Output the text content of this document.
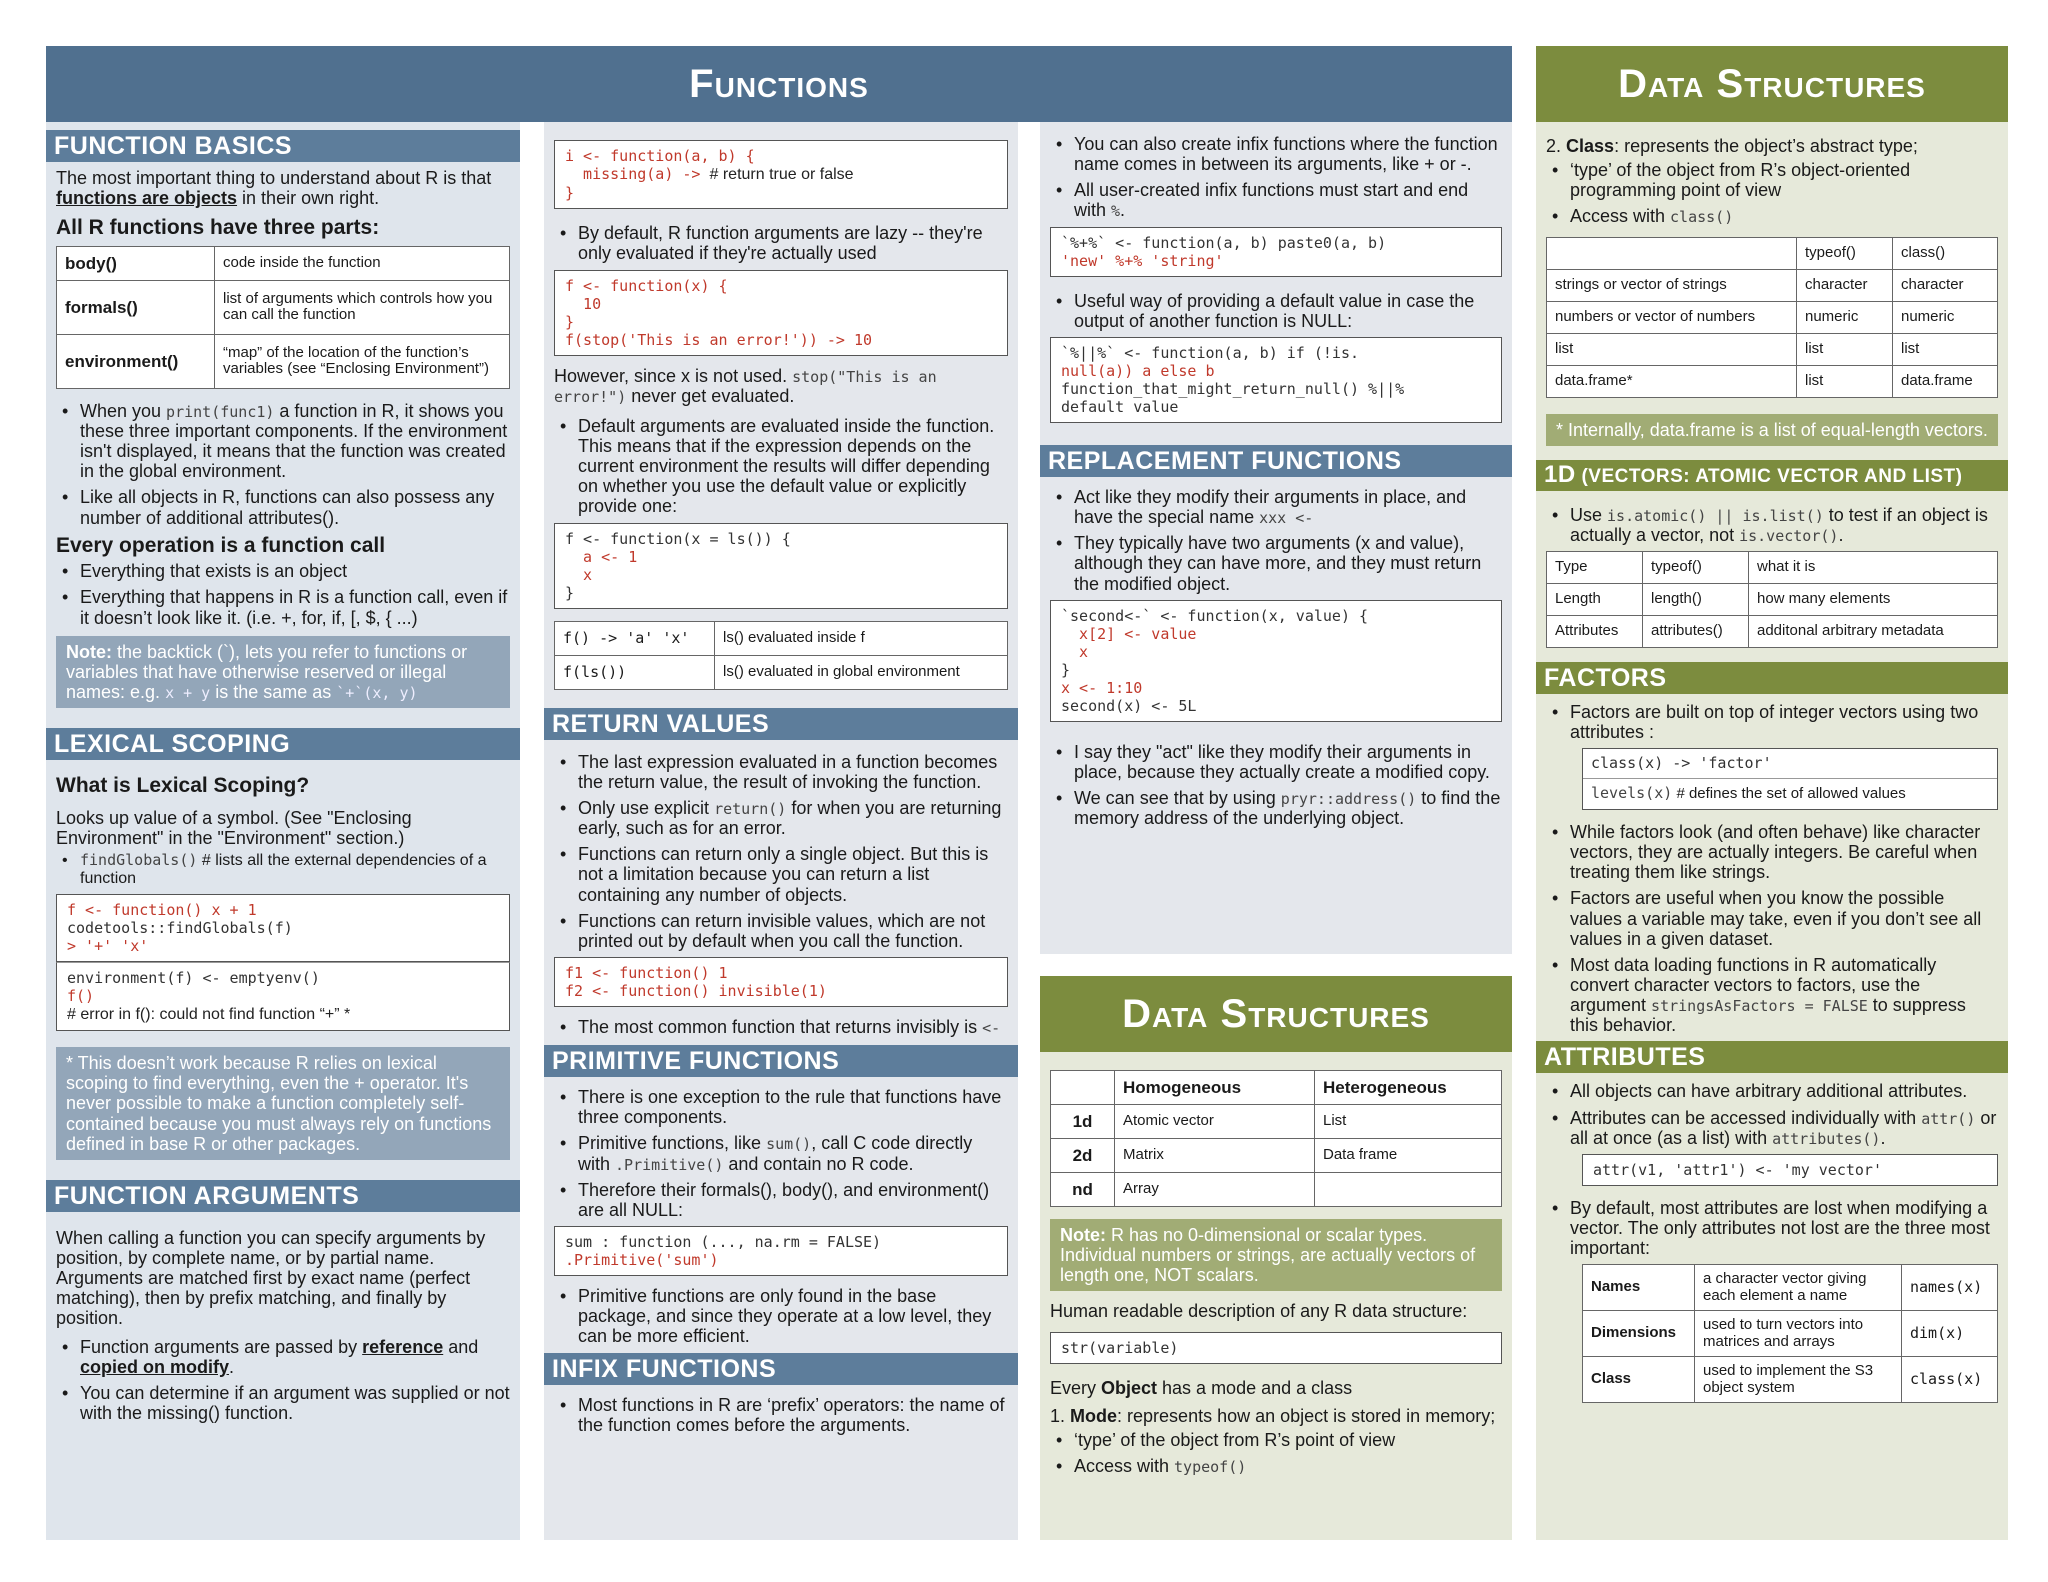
Functions	Data Structures
FUNCTION BASICS
The most important thing to understand about R is that functions are objects in their own right.
All R functions have three parts:
body()	code inside the function
formals()	list of arguments which controls how you can call the function
environment()	“map” of the location of the function’s variables (see “Enclosing Environment”)
• When you print(func1) a function in R, it shows you these three important components. If the environment isn't displayed, it means that the function was created in the global environment.
• Like all objects in R, functions can also possess any number of additional attributes().
Every operation is a function call
• Everything that exists is an object
• Everything that happens in R is a function call, even if it doesn’t look like it. (i.e. +, for, if, [, $, { ...)
Note: the backtick (`), lets you refer to functions or variables that have otherwise reserved or illegal names: e.g. x + y is the same as `+`(x, y)
LEXICAL SCOPING
What is Lexical Scoping?
Looks up value of a symbol. (See "Enclosing Environment" in the "Environment" section.)
• findGlobals() # lists all the external dependencies of a function
f <- function() x + 1
codetools::findGlobals(f)
> '+' 'x'
environment(f) <- emptyenv()
f()
# error in f(): could not find function “+” *
* This doesn’t work because R relies on lexical scoping to find everything, even the + operator. It's never possible to make a function completely self-contained because you must always rely on functions defined in base R or other packages.
FUNCTION ARGUMENTS
When calling a function you can specify arguments by position, by complete name, or by partial name. Arguments are matched first by exact name (perfect matching), then by prefix matching, and finally by position.
• Function arguments are passed by reference and copied on modify.
• You can determine if an argument was supplied or not with the missing() function.
i <- function(a, b) {
missing(a) -> # return true or false
}
• By default, R function arguments are lazy -- they're only evaluated if they're actually used
f <- function(x) {
10
}
f(stop('This is an error!')) -> 10
However, since x is not used. stop("This is an error!") never get evaluated.
• Default arguments are evaluated inside the function. This means that if the expression depends on the current environment the results will differ depending on whether you use the default value or explicitly provide one:
f <- function(x = ls()) {
a <- 1
x
}
f() -> 'a' 'x'	ls() evaluated inside f
f(ls())	ls() evaluated in global environment
RETURN VALUES
• The last expression evaluated in a function becomes the return value, the result of invoking the function.
• Only use explicit return() for when you are returning early, such as for an error.
• Functions can return only a single object. But this is not a limitation because you can return a list containing any number of objects.
• Functions can return invisible values, which are not printed out by default when you call the function.
f1 <- function() 1
f2 <- function() invisible(1)
• The most common function that returns invisibly is <-
PRIMITIVE FUNCTIONS
• There is one exception to the rule that functions have three components.
• Primitive functions, like sum(), call C code directly with .Primitive() and contain no R code.
• Therefore their formals(), body(), and environment() are all NULL:
sum : function (..., na.rm = FALSE)
.Primitive('sum')
• Primitive functions are only found in the base package, and since they operate at a low level, they can be more efficient.
INFIX FUNCTIONS
• Most functions in R are ‘prefix’ operators: the name of the function comes before the arguments.
• You can also create infix functions where the function name comes in between its arguments, like + or -.
• All user-created infix functions must start and end with %.
`%+%` <- function(a, b) paste0(a, b)
'new' %+% 'string'
• Useful way of providing a default value in case the output of another function is NULL:
`%||%` <- function(a, b) if (!is.
null(a)) a else b
function_that_might_return_null() %||%
default value
REPLACEMENT FUNCTIONS
• Act like they modify their arguments in place, and have the special name xxx <-
• They typically have two arguments (x and value), although they can have more, and they must return the modified object.
`second<-` <- function(x, value) {
x[2] <- value
x
}
x <- 1:10
second(x) <- 5L
• I say they "act" like they modify their arguments in place, because they actually create a modified copy.
• We can see that by using pryr::address() to find the memory address of the underlying object.
Data Structures
	Homogeneous	Heterogeneous
1d	Atomic vector	List
2d	Matrix	Data frame
nd	Array	
Note: R has no 0-dimensional or scalar types. Individual numbers or strings, are actually vectors of length one, NOT scalars.
Human readable description of any R data structure:
str(variable)
Every Object has a mode and a class
1. Mode: represents how an object is stored in memory;
• ‘type’ of the object from R’s point of view
• Access with typeof()
2. Class: represents the object’s abstract type;
• ‘type’ of the object from R’s object-oriented programming point of view
• Access with class()
	typeof()	class()
strings or vector of strings	character	character
numbers or vector of numbers	numeric	numeric
list	list	list
data.frame*	list	data.frame
* Internally, data.frame is a list of equal-length vectors.
1D (VECTORS: ATOMIC VECTOR AND LIST)
• Use is.atomic() || is.list() to test if an object is actually a vector, not is.vector().
Type	typeof()	what it is
Length	length()	how many elements
Attributes	attributes()	additonal arbitrary metadata
FACTORS
• Factors are built on top of integer vectors using two attributes :
class(x) -> 'factor'
levels(x) # defines the set of allowed values
• While factors look (and often behave) like character vectors, they are actually integers. Be careful when treating them like strings.
• Factors are useful when you know the possible values a variable may take, even if you don’t see all values in a given dataset.
• Most data loading functions in R automatically convert character vectors to factors, use the argument stringsAsFactors = FALSE to suppress this behavior.
ATTRIBUTES
• All objects can have arbitrary additional attributes.
• Attributes can be accessed individually with attr() or all at once (as a list) with attributes().
attr(v1, 'attr1') <- 'my vector'
• By default, most attributes are lost when modifying a vector. The only attributes not lost are the three most important:
Names	a character vector giving each element a name	names(x)
Dimensions	used to turn vectors into matrices and arrays	dim(x)
Class	used to implement the S3 object system	class(x)
